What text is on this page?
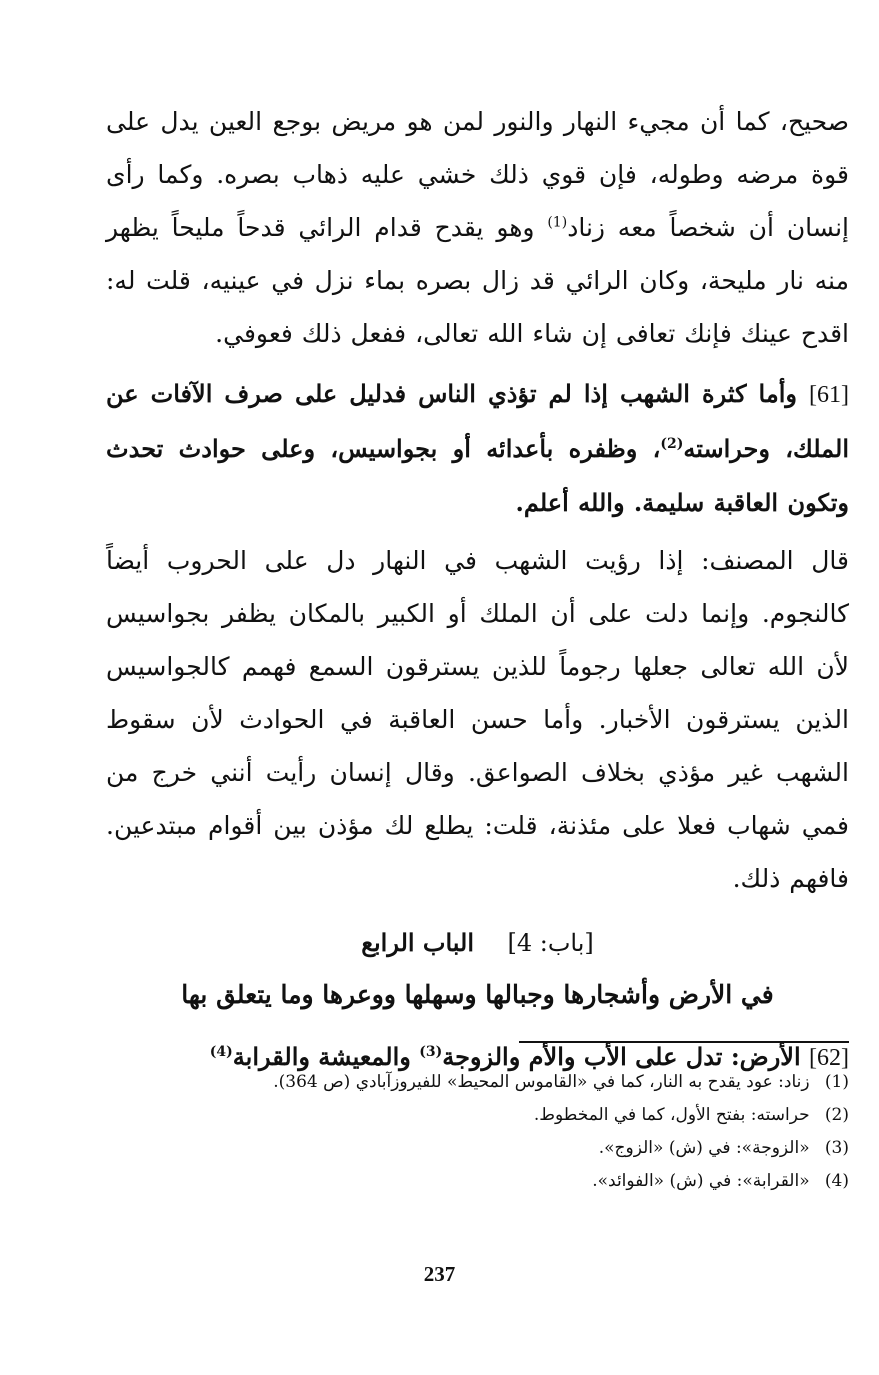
صحيح، كما أن مجيء النهار والنور لمن هو مريض بوجع العين يدل على قوة مرضه وطوله، فإن قوي ذلك خشي عليه ذهاب بصره. وكما رأى إنسان أن شخصاً معه زناد$^{(1)}$ وهو يقدح قدام الرائي قدحاً مليحاً يظهر منه نار مليحة، وكان الرائي قد زال بصره بماء نزل في عينيه، قلت له: اقدح عينك فإنك تعافى إن شاء الله تعالى، ففعل ذلك فعوفي.

[61] وأما كثرة الشهب إذا لم تؤذي الناس فدليل على صرف الآفات عن الملك، وحراسته$^{(2)}$، وظفره بأعدائه أو بجواسيس، وعلى حوادث تحدث وتكون العاقبة سليمة. والله أعلم.

قال المصنف: إذا رؤيت الشهب في النهار دل على الحروب أيضاً كالنجوم. وإنما دلت على أن الملك أو الكبير بالمكان يظفر بجواسيس لأن الله تعالى جعلها رجوماً للذين يسترقون السمع فهمم كالجواسيس الذين يسترقون الأخبار. وأما حسن العاقبة في الحوادث لأن سقوط الشهب غير مؤذي بخلاف الصواعق. وقال إنسان رأيت أنني خرج من فمي شهاب فعلا على مئذنة، قلت: يطلع لك مؤذن بين أقوام مبتدعين. فافهم ذلك.

[باب: 4]    الباب الرابع
في الأرض وأشجارها وجبالها وسهلها ووعرها وما يتعلق بها
[62] الأرض: تدل على الأب والأم والزوجة$^{(3)}$ والمعيشة والقرابة$^{(4)}$
(1) زناد: عود يقدح به النار، كما في «القاموس المحيط» للفيروزآبادي (ص 364).
(2) حراسته: بفتح الأول، كما في المخطوط.
(3) «الزوجة»: في (ش) «الزوج».
(4) «القرابة»: في (ش) «الفوائد».
237
